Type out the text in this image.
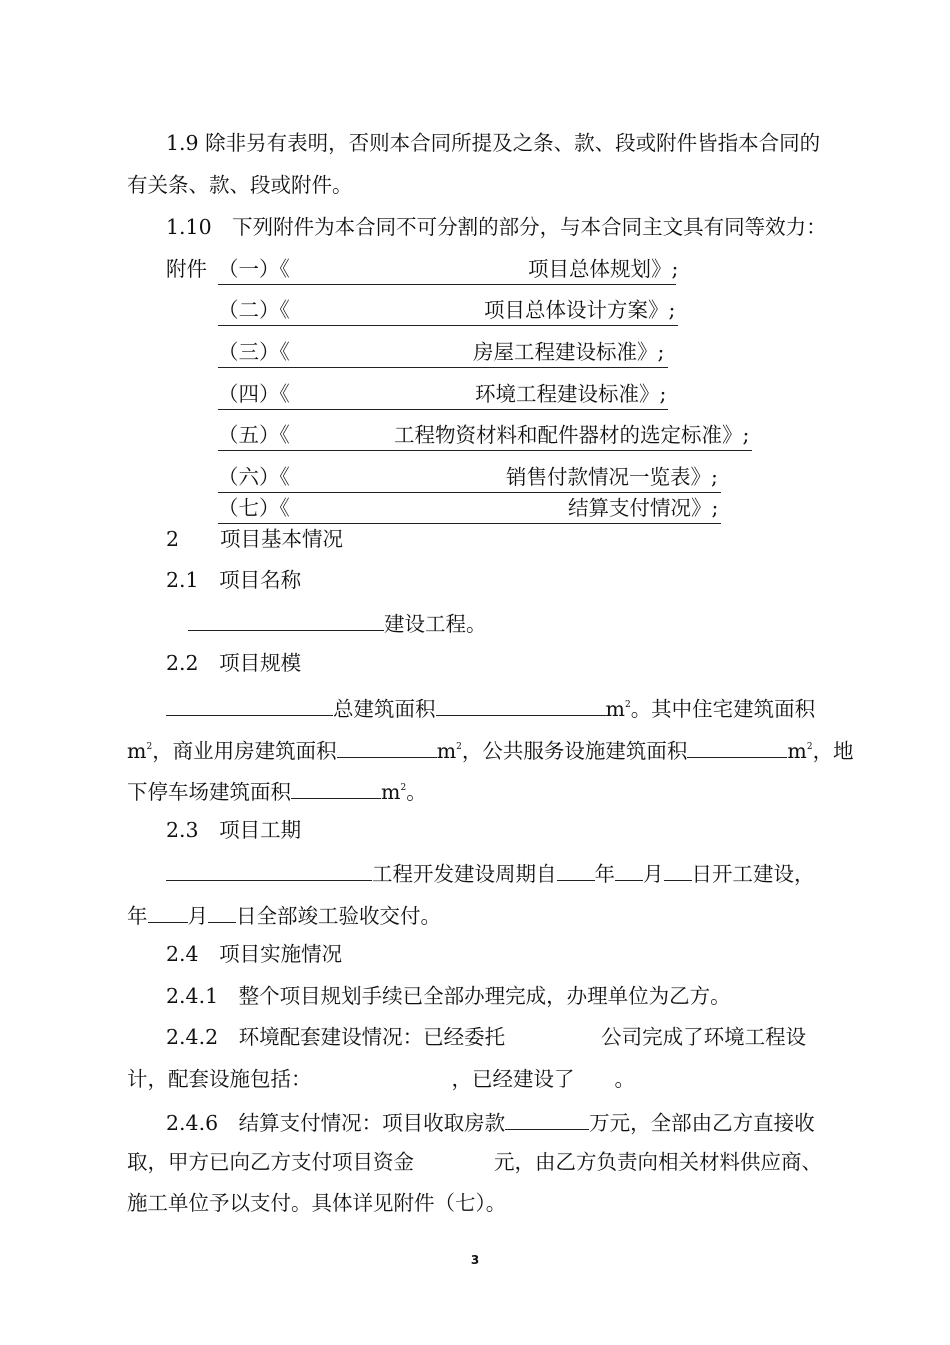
1.9 除非另有表明，否则本合同所提及之条、款、段或附件皆指本合同的
有关条、款、段或附件。
1.10　下列附件为本合同不可分割的部分，与本合同主文具有同等效力：
附件 （一）《	项目总体规划》;
（二）《	项目总体设计方案》;
（三）《	房屋工程建设标准》;
（四）《	环境工程建设标准》;
（五）《	工程物资材料和配件器材的选定标准》;
（六）《	销售付款情况一览表》;
（七）《	结算支付情况》;
2　　项目基本情况
2.1　项目名称
建设工程。
2.2　项目规模
总建筑面积	$m^2$。其中住宅建筑面积
$m^2$，商业用房建筑面积	$m^2$，公共服务设施建筑面积	$m^2$，地
下停车场建筑面积	$m^2$。
2.3　项目工期
工程开发建设周期自 年 月 日开工建设，
年 月 日全部竣工验收交付。
2.4　项目实施情况
2.4.1　整个项目规划手续已全部办理完成，办理单位为乙方。
2.4.2　环境配套建设情况：已经委托	公司完成了环境工程设
计，配套设施包括：	，已经建设了 。
2.4.6　结算支付情况：项目收取房款	万元，全部由乙方直接收
取，甲方已向乙方支付项目资金	元，由乙方负责向相关材料供应商、
施工单位予以支付。具体详见附件（七）。
3
